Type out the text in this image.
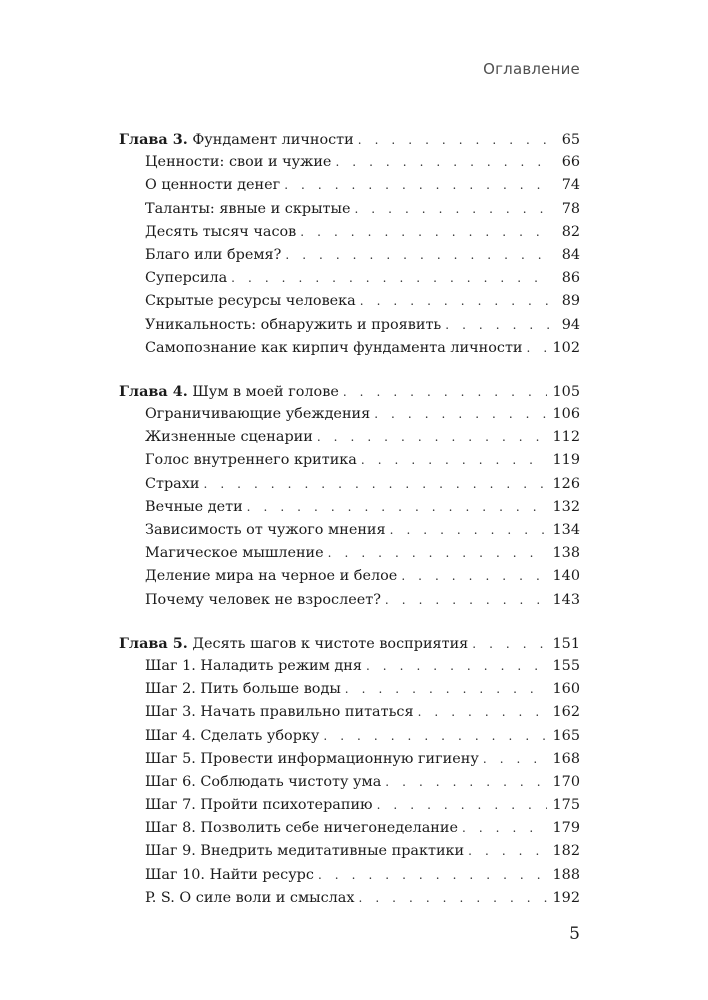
Оглавление
Глава 3. Фундамент личности . . .	65
Ценности: свои и чужие . . .	66
О ценности денег . . .	74
Таланты: явные и скрытые . . .	78
Десять тысяч часов . . .	82
Благо или бремя? . . .	84
Суперсила . . .	86
Скрытые ресурсы человека . . .	89
Уникальность: обнаружить и проявить . . .	94
Самопознание как кирпич фундамента личности . . . 102
Глава 4. Шум в моей голове . . .	105
Ограничивающие убеждения . . .	106
Жизненные сценарии . . .	112
Голос внутреннего критика . . .	119
Страхи . . .	126
Вечные дети . . .	132
Зависимость от чужого мнения . . .	134
Магическое мышление . . .	138
Деление мира на черное и белое . . .	140
Почему человек не взрослеет? . . .	143
Глава 5. Десять шагов к чистоте восприятия . . .	151
Шаг 1. Наладить режим дня . . .	155
Шаг 2. Пить больше воды . . .	160
Шаг 3. Начать правильно питаться . . .	162
Шаг 4. Сделать уборку . . .	165
Шаг 5. Провести информационную гигиену . . .	168
Шаг 6. Соблюдать чистоту ума . . .	170
Шаг 7. Пройти психотерапию . . .	175
Шаг 8. Позволить себе ничегонеделание . . .	179
Шаг 9. Внедрить медитативные практики . . .	182
Шаг 10. Найти ресурс . . .	188
P. S. О силе воли и смыслах . . .	192
5
